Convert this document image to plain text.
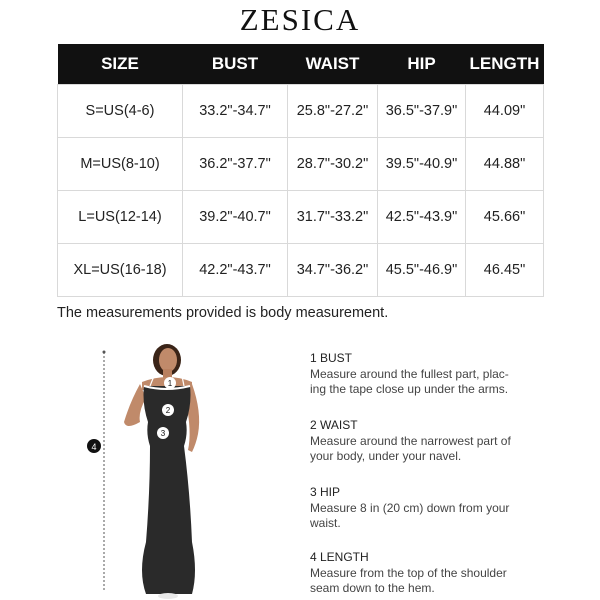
ZESICA
SIZE	BUST	WAIST	HIP	LENGTH
S=US(4-6)	33.2"-34.7"	25.8"-27.2"	36.5"-37.9"	44.09"
M=US(8-10)	36.2"-37.7"	28.7"-30.2"	39.5"-40.9"	44.88"
L=US(12-14)	39.2"-40.7"	31.7"-33.2"	42.5"-43.9"	45.66"
XL=US(16-18)	42.2"-43.7"	34.7"-36.2"	45.5"-46.9"	46.45"
The measurements provided is body measurement.
4
1
2
3
1 BUST
Measure around the fullest part, plac-
ing the tape close up under the arms.
2 WAIST
Measure around the narrowest part of
your body, under your navel.
3 HIP
Measure 8 in (20 cm) down from your
waist.
4 LENGTH
Measure from the top of the shoulder
seam down to the hem.
